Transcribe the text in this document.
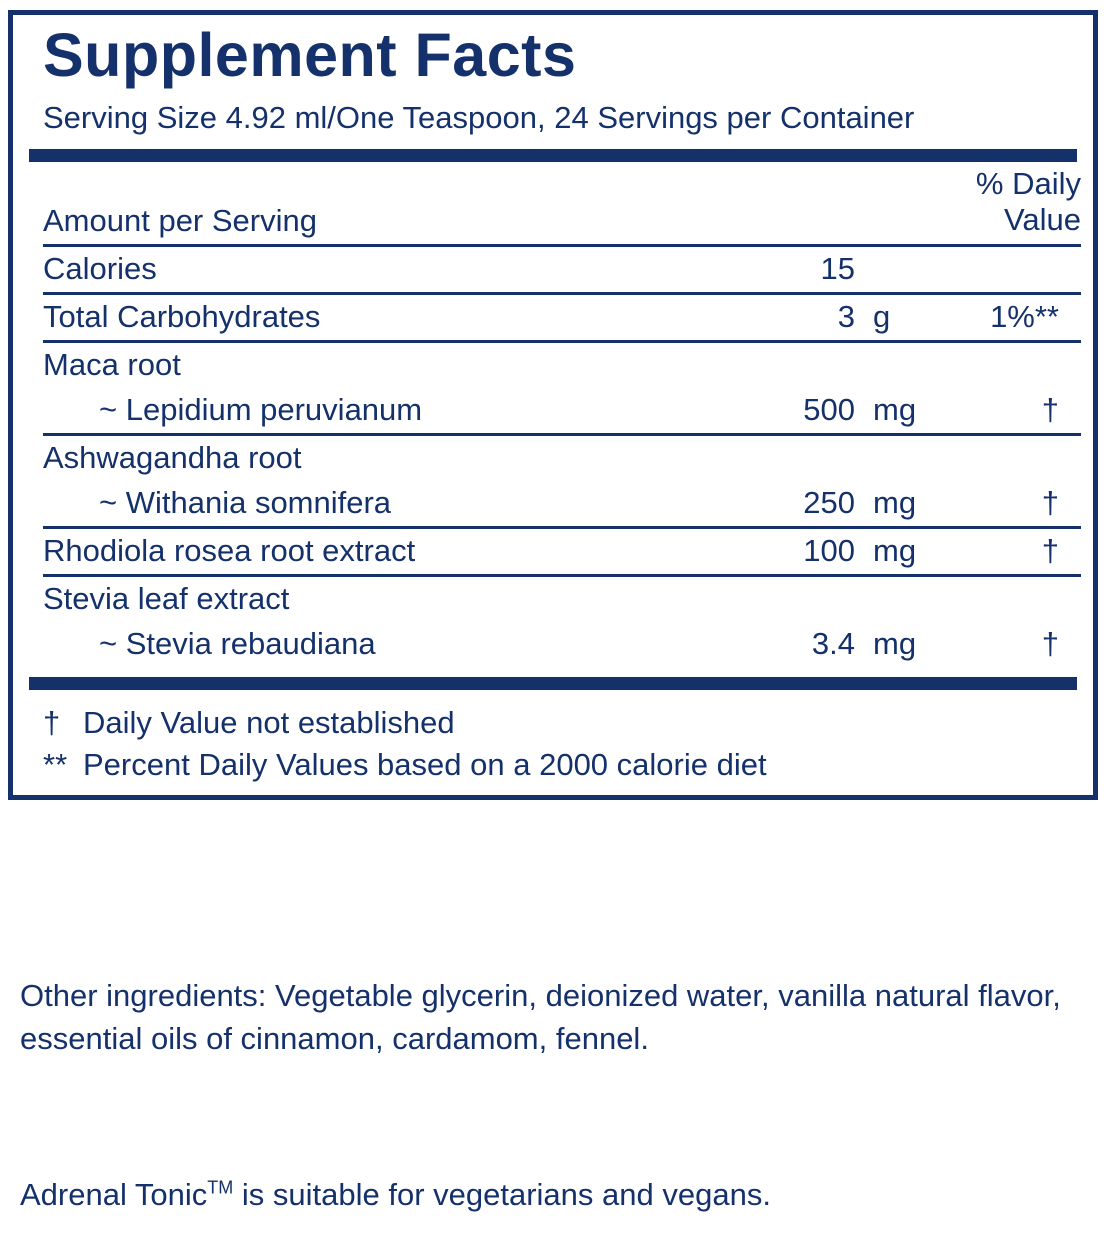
Supplement Facts
Serving Size 4.92 ml/One Teaspoon, 24 Servings per Container
Amount per Serving			% Daily
Value
Calories	15		
Total Carbohydrates	3	g	1%**
Maca root			
~ Lepidium peruvianum	500	mg	†
Ashwagandha root			
~ Withania somnifera	250	mg	†
Rhodiola rosea root extract	100	mg	†
Stevia leaf extract			
~ Stevia rebaudiana	3.4	mg	†
† Daily Value not established
** Percent Daily Values based on a 2000 calorie diet
Other ingredients: Vegetable glycerin, deionized water, vanilla natural flavor, essential oils of cinnamon, cardamom, fennel.
Adrenal Tonic™ is suitable for vegetarians and vegans.
